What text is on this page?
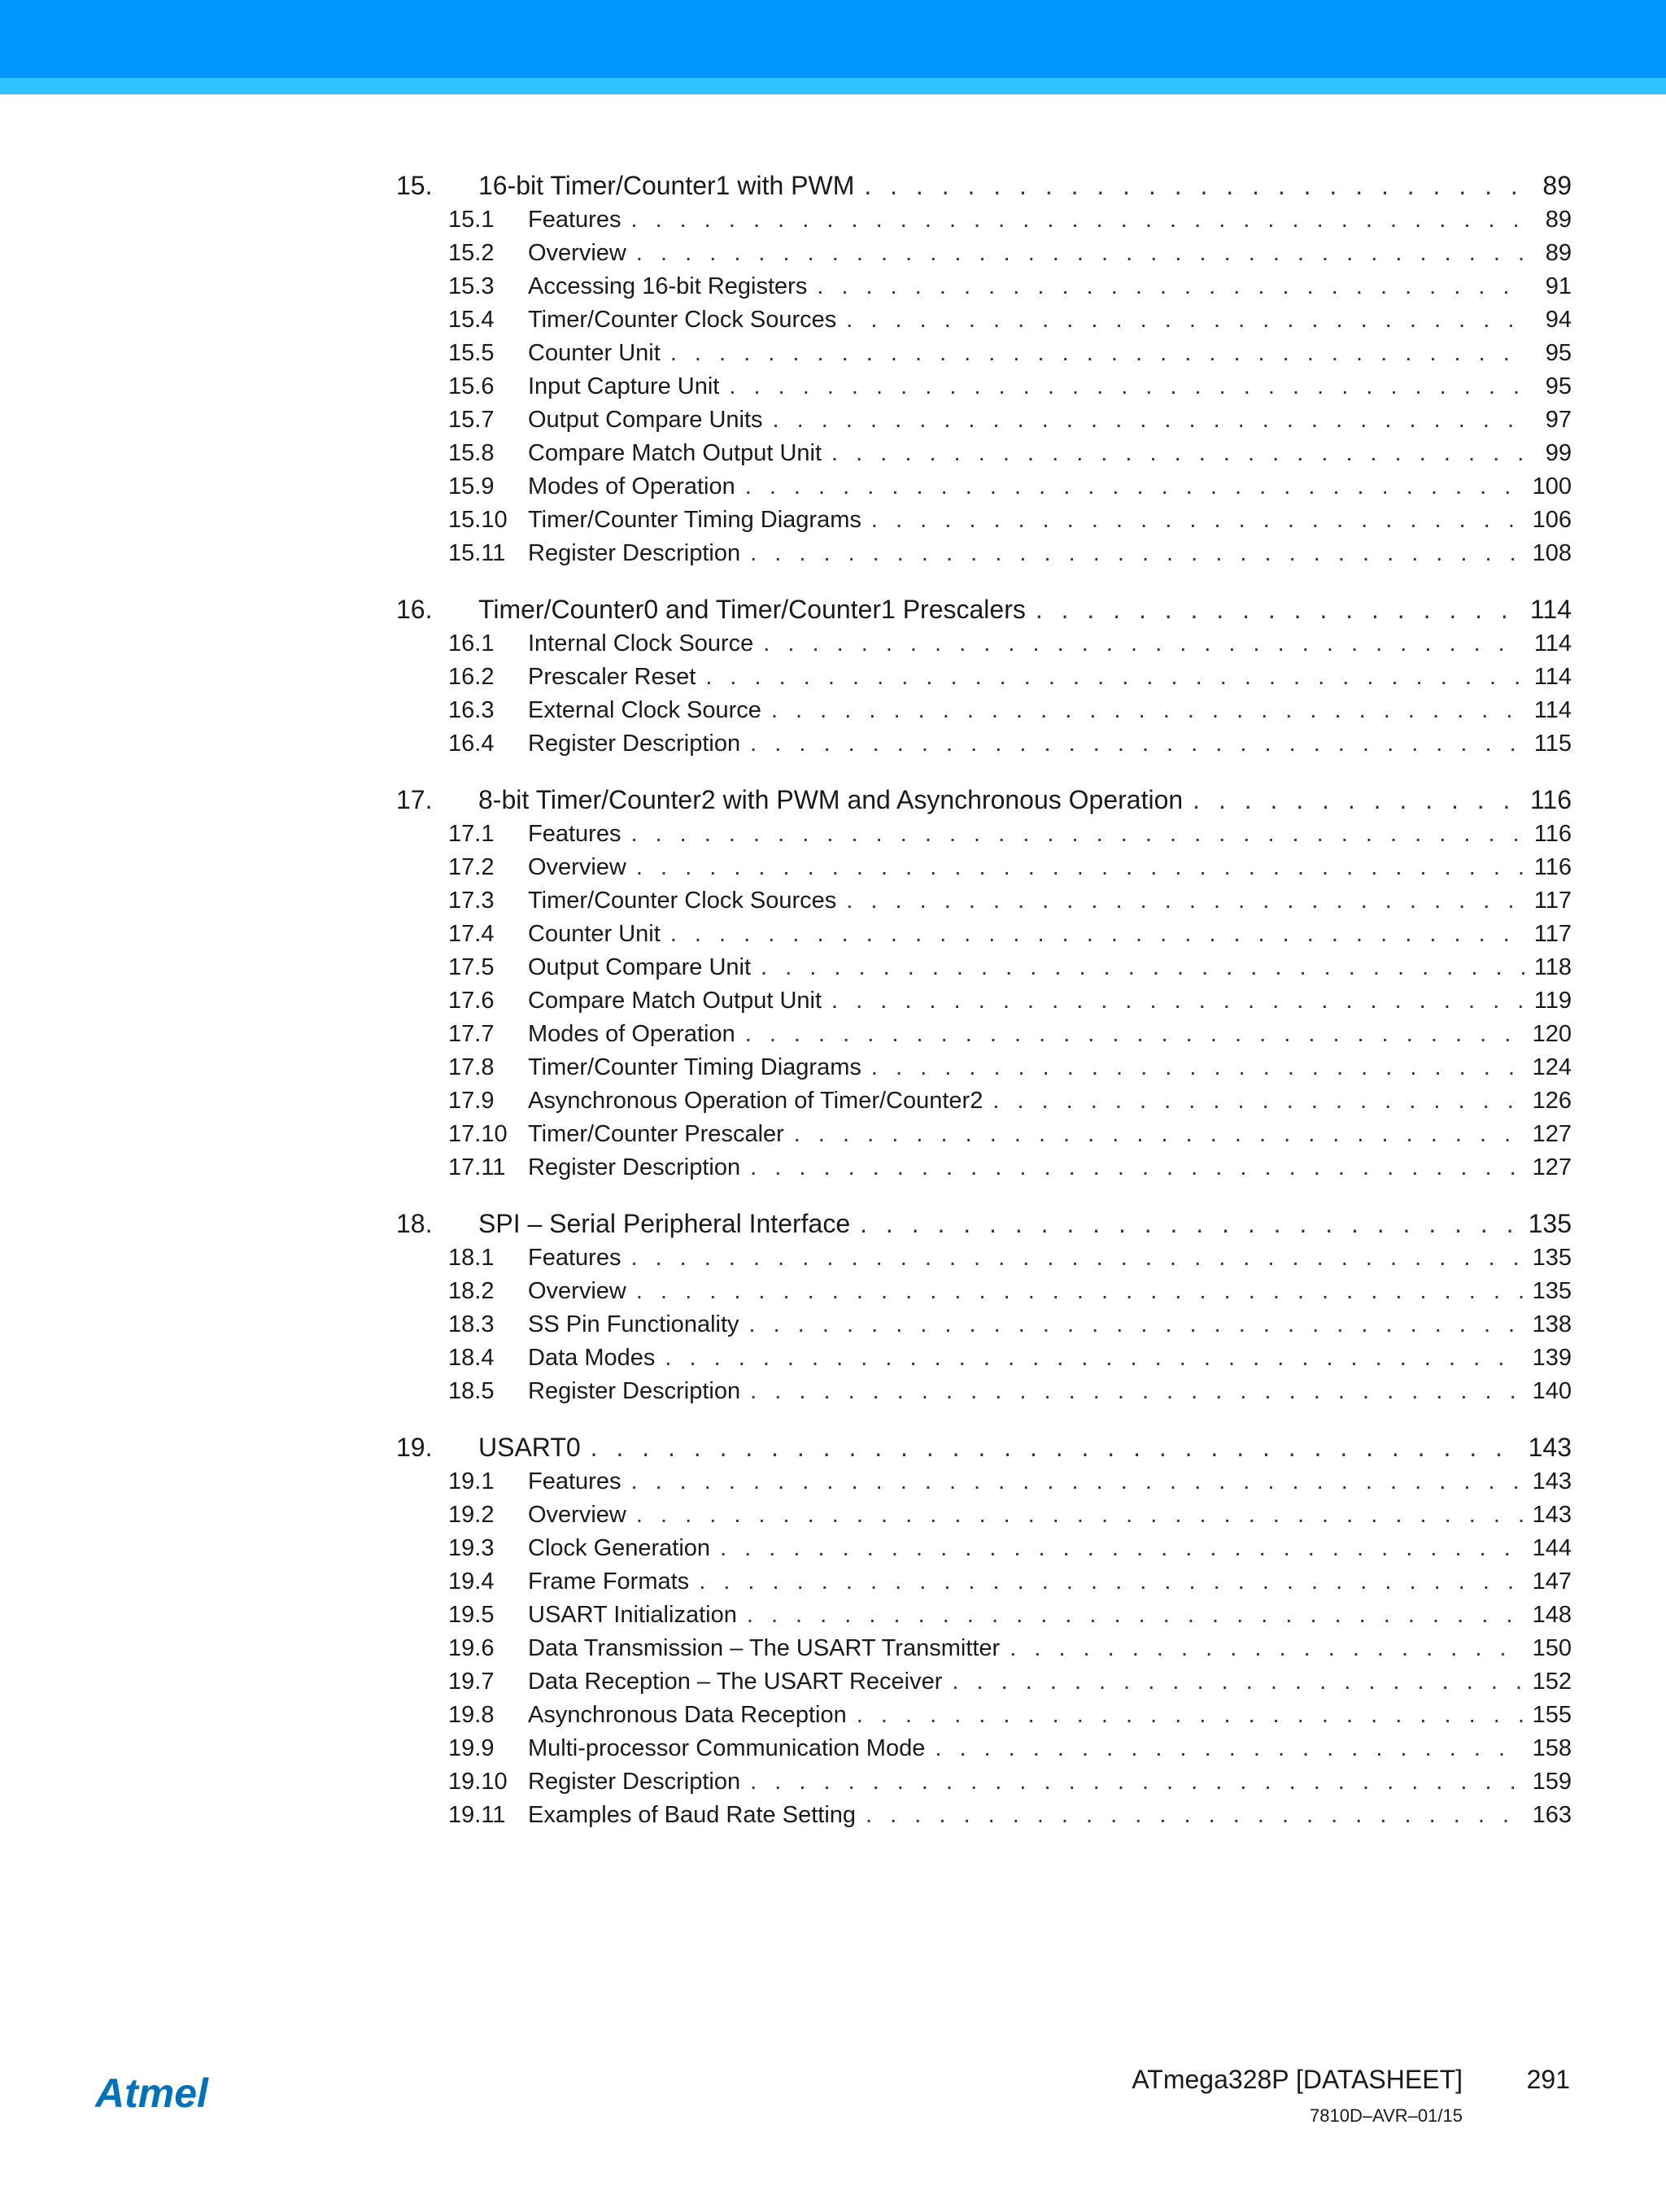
15.	16-bit Timer/Counter1 with PWM . . .	89
15.1	Features . . .	89
15.2	Overview . . .	89
15.3	Accessing 16-bit Registers . . .	91
15.4	Timer/Counter Clock Sources . . .	94
15.5	Counter Unit . . .	95
15.6	Input Capture Unit . . .	95
15.7	Output Compare Units . . .	97
15.8	Compare Match Output Unit . . .	99
15.9	Modes of Operation . . .	100
15.10 Timer/Counter Timing Diagrams . . .	106
15.11 Register Description . . .	108
16.	Timer/Counter0 and Timer/Counter1 Prescalers . . .	114
16.1	Internal Clock Source . . .	114
16.2	Prescaler Reset . . .	114
16.3	External Clock Source . . .	114
16.4	Register Description . . .	115
17.	8-bit Timer/Counter2 with PWM and Asynchronous Operation . . .	116
17.1	Features . . .	116
17.2	Overview . . .	116
17.3	Timer/Counter Clock Sources . . .	117
17.4	Counter Unit . . .	117
17.5	Output Compare Unit . . .	118
17.6	Compare Match Output Unit . . .	119
17.7	Modes of Operation . . .	120
17.8	Timer/Counter Timing Diagrams . . .	124
17.9	Asynchronous Operation of Timer/Counter2 . . .	126
17.10 Timer/Counter Prescaler . . .	127
17.11 Register Description . . .	127
18.	SPI – Serial Peripheral Interface . . .	135
18.1	Features . . .	135
18.2	Overview . . .	135
18.3	$\overline{SS}$ Pin Functionality . . .	138
18.4	Data Modes . . .	139
18.5	Register Description . . .	140
19.	USART0 . . .	143
19.1	Features . . .	143
19.2	Overview . . .	143
19.3	Clock Generation . . .	144
19.4	Frame Formats . . .	147
19.5	USART Initialization . . .	148
19.6	Data Transmission – The USART Transmitter . . .	150
19.7	Data Reception – The USART Receiver . . .	152
19.8	Asynchronous Data Reception . . .	155
19.9	Multi-processor Communication Mode . . .	158
19.10 Register Description . . .	159
19.11 Examples of Baud Rate Setting . . .	163
Atmel	ATmega328P [DATASHEET] 291
7810D–AVR–01/15
